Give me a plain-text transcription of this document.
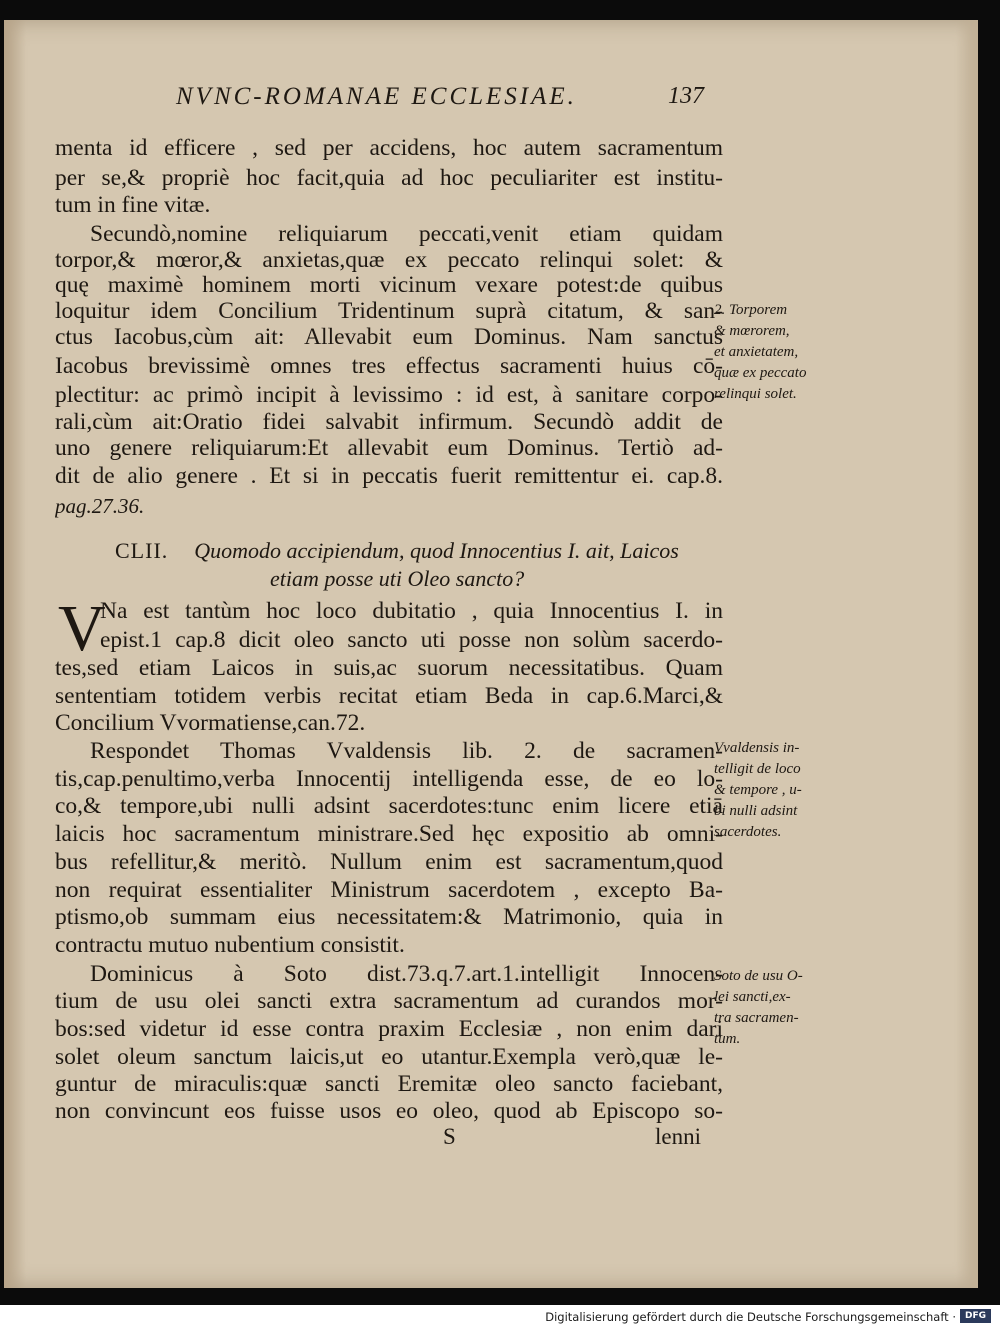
NVNC-ROMANAE ECCLESIAE.	137
menta id efficere , sed per accidens, hoc autem sacramentum
per se,& propriè hoc facit,quia ad hoc peculiariter est institu-
tum in fine vitæ.
Secundò,nomine reliquiarum peccati,venit etiam quidam
torpor,& mœror,& anxietas,quæ ex peccato relinqui solet: &
quę maximè hominem morti vicinum vexare potest:de quibus
loquitur idem Concilium Tridentinum suprà citatum, & san-
ctus Iacobus,cùm ait: Allevabit eum Dominus. Nam sanctus
Iacobus brevissimè omnes tres effectus sacramenti huius cō-
plectitur: ac primò incipit à levissimo : id est, à sanitare corpo-
rali,cùm ait:Oratio fidei salvabit infirmum. Secundò addit de
uno genere reliquiarum:Et allevabit eum Dominus. Tertiò ad-
dit de alio genere . Et si in peccatis fuerit remittentur ei. cap.8.
pag.27.36.
CLII. Quomodo accipiendum, quod Innocentius I. ait, Laicos
etiam posse uti Oleo sancto?
V
Na est tantùm hoc loco dubitatio , quia Innocentius I. in
epist.1 cap.8 dicit oleo sancto uti posse non solùm sacerdo-
tes,sed etiam Laicos in suis,ac suorum necessitatibus. Quam
sententiam totidem verbis recitat etiam Beda in cap.6.Marci,&
Concilium Vvormatiense,can.72.
Respondet Thomas Vvaldensis lib. 2. de sacramen-
tis,cap.penultimo,verba Innocentij intelligenda esse, de eo lo-
co,& tempore,ubi nulli adsint sacerdotes:tunc enim licere etiā
laicis hoc sacramentum ministrare.Sed hęc expositio ab omni-
bus refellitur,& meritò. Nullum enim est sacramentum,quod
non requirat essentialiter Ministrum sacerdotem , excepto Ba-
ptismo,ob summam eius necessitatem:& Matrimonio, quia in
contractu mutuo nubentium consistit.
Dominicus à Soto dist.73.q.7.art.1.intelligit Innocen-
tium de usu olei sancti extra sacramentum ad curandos mor-
bos:sed videtur id esse contra praxim Ecclesiæ , non enim dari
solet oleum sanctum laicis,ut eo utantur.Exempla verò,quæ le-
guntur de miraculis:quæ sancti Eremitæ oleo sancto faciebant,
non convincunt eos fuisse usos eo oleo, quod ab Episcopo so-
2. Torporem
& mœrorem,
et anxietatem,
quæ ex peccato
relinqui solet.
Vvaldensis in-
telligit de loco
& tempore , u-
bi nulli adsint
sacerdotes.
Soto de usu O-
lei sancti,ex-
tra sacramen-
tum.
S	lenni
Digitalisierung gefördert durch die Deutsche Forschungsgemeinschaft · DFG
